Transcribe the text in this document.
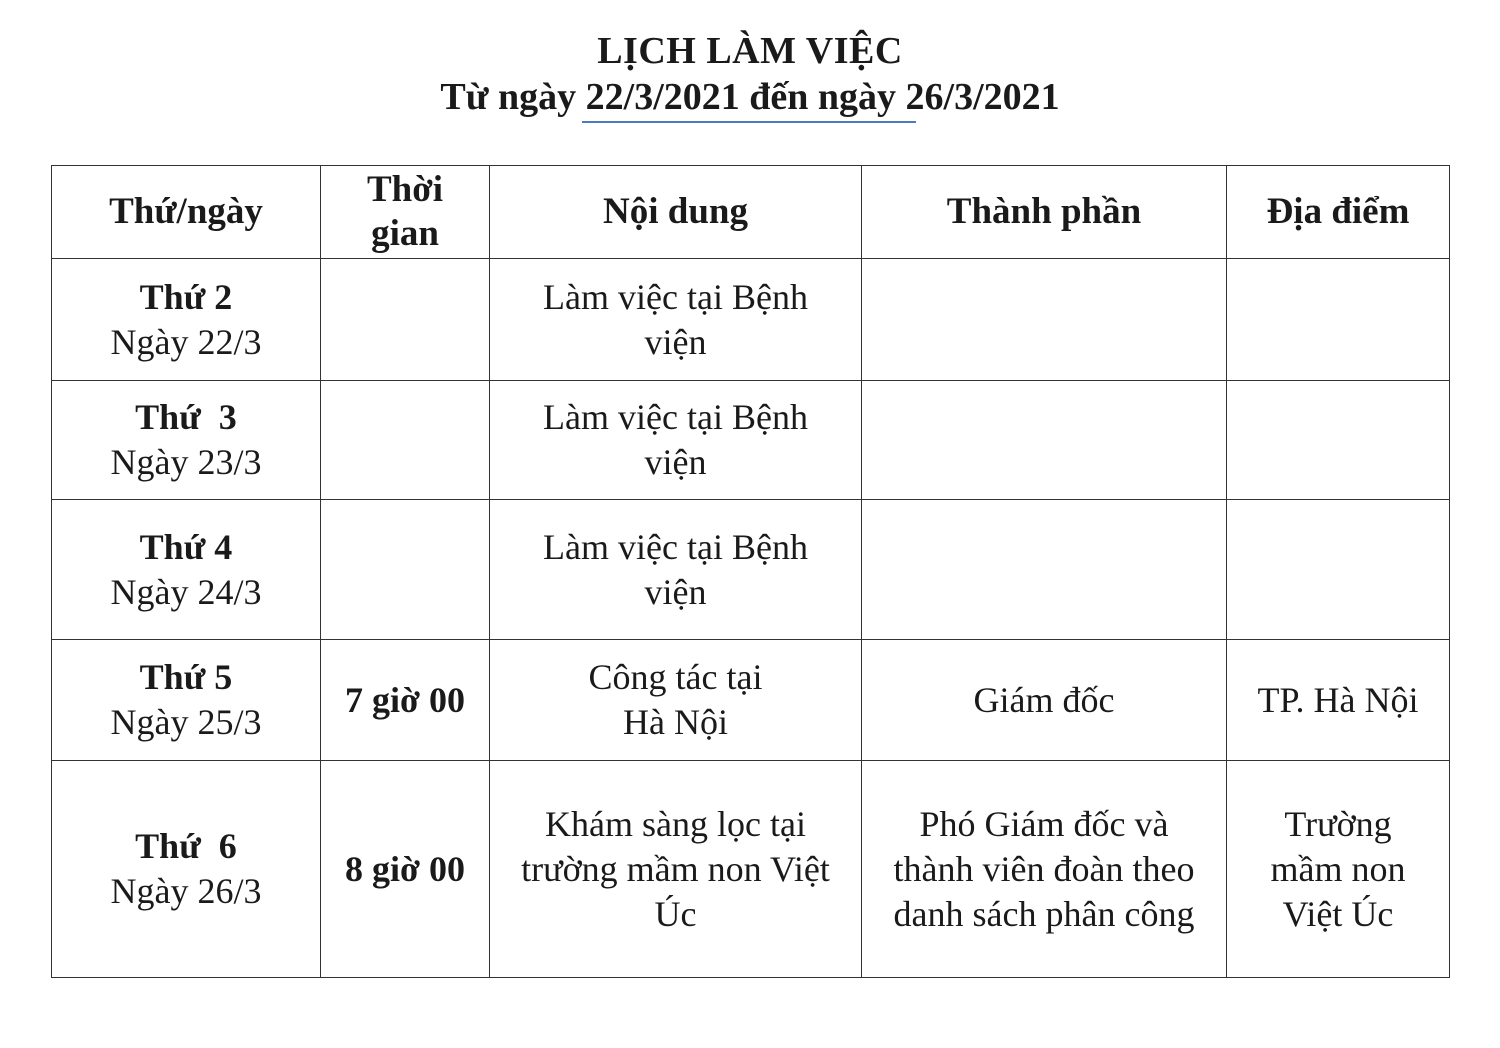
LỊCH LÀM VIỆC
Từ ngày 22/3/2021 đến ngày 26/3/2021
Thứ/ngày	Thời gian	Nội dung	Thành phần	Địa điểm

Thứ 2
Ngày 22/3		Làm việc tại Bệnh viện		

Thứ  3
Ngày 23/3		Làm việc tại Bệnh viện		

Thứ 4
Ngày 24/3		Làm việc tại Bệnh viện		

Thứ 5
Ngày 25/3	7 giờ 00	Công tác tại Hà Nội	Giám đốc	TP. Hà Nội

Thứ  6
Ngày 26/3	8 giờ 00	Khám sàng lọc tại trường mầm non Việt Úc	Phó Giám đốc và thành viên đoàn theo danh sách phân công	Trường mầm non Việt Úc
